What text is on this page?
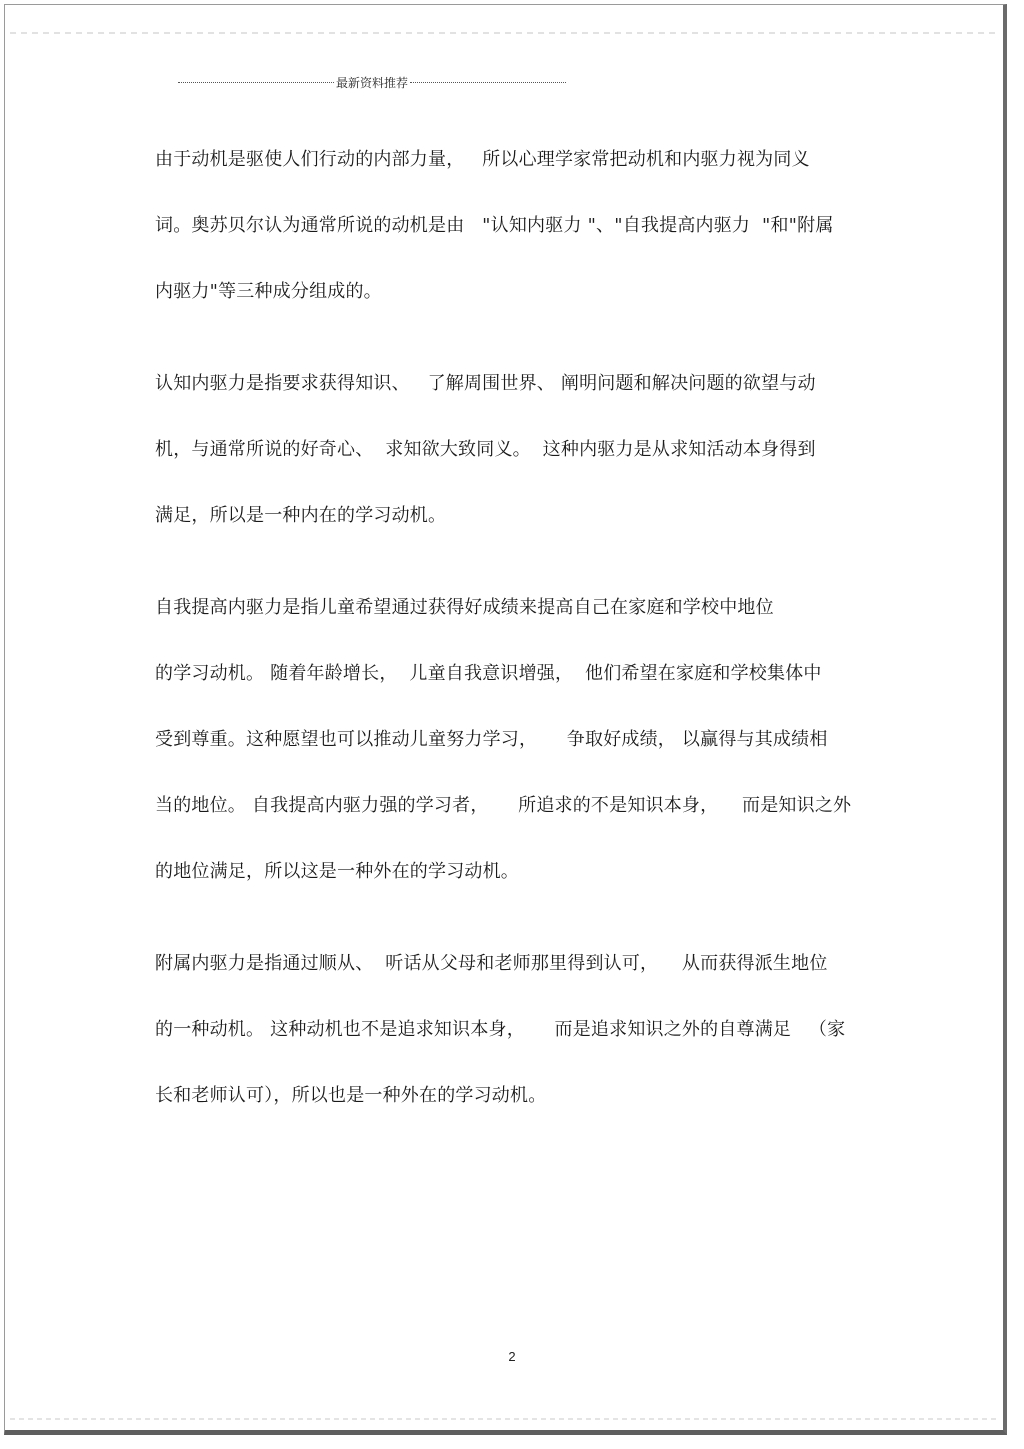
最新资料推荐
由于动机是驱使人们行动的内部力量，   所以心理学家常把动机和内驱力视为同义
词。奥苏贝尔认为通常所说的动机是由   "认知内驱力 "、"自我提高内驱力  "和"附属
内驱力"等三种成分组成的。
认知内驱力是指要求获得知识、   了解周围世界、 阐明问题和解决问题的欲望与动
机，与通常所说的好奇心、  求知欲大致同义。  这种内驱力是从求知活动本身得到
满足，所以是一种内在的学习动机。
自我提高内驱力是指儿童希望通过获得好成绩来提高自己在家庭和学校中地位
的学习动机。 随着年龄增长，  儿童自我意识增强，  他们希望在家庭和学校集体中
受到尊重。这种愿望也可以推动儿童努力学习，     争取好成绩， 以赢得与其成绩相
当的地位。 自我提高内驱力强的学习者，     所追求的不是知识本身，    而是知识之外
的地位满足，所以这是一种外在的学习动机。
附属内驱力是指通过顺从、  听话从父母和老师那里得到认可，    从而获得派生地位
的一种动机。 这种动机也不是追求知识本身，     而是追求知识之外的自尊满足   （家
长和老师认可），所以也是一种外在的学习动机。
2
